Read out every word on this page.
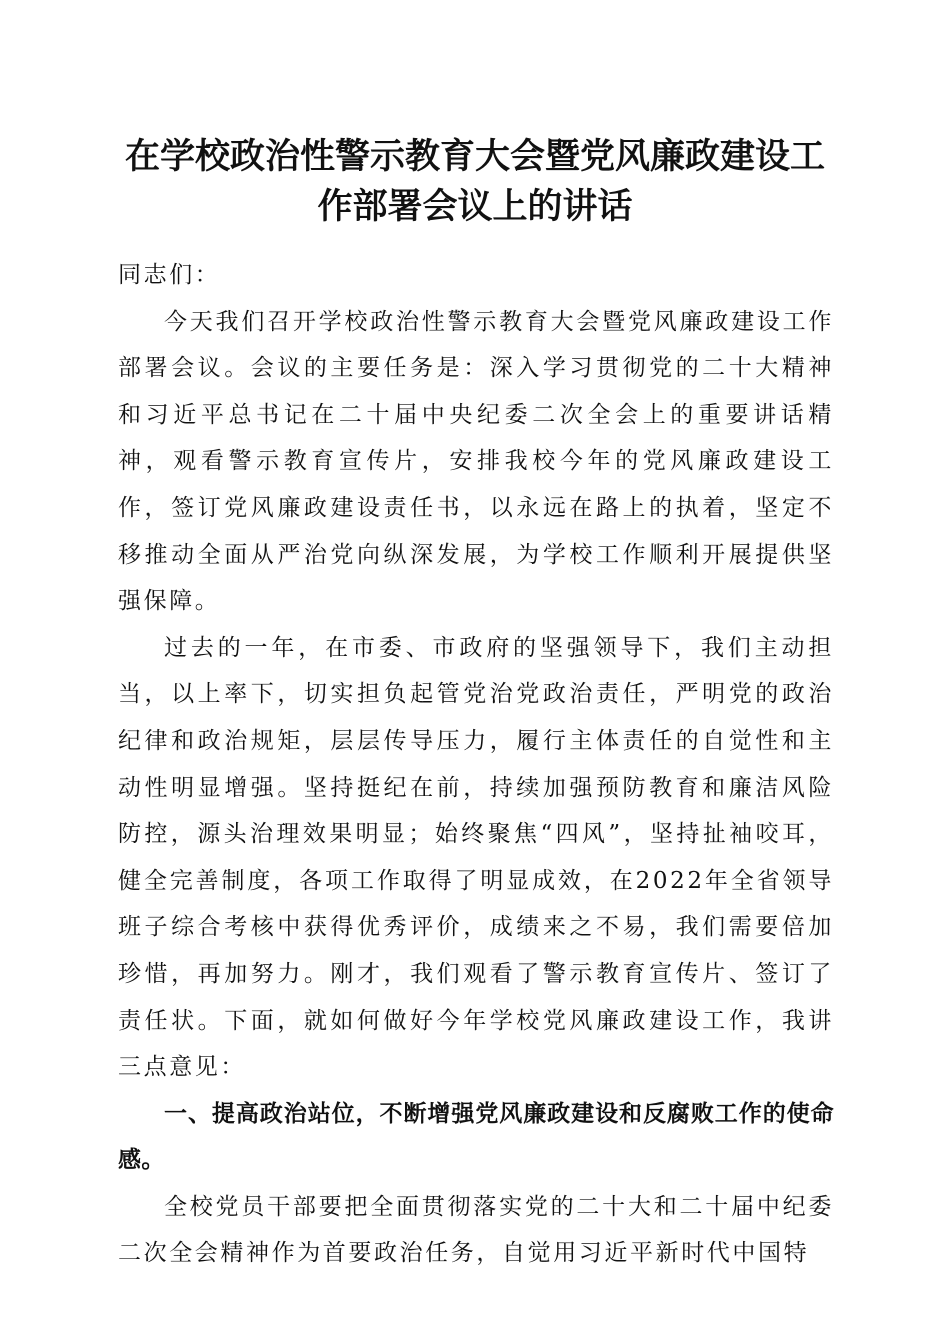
在学校政治性警示教育大会暨党风廉政建设工
作部署会议上的讲话

同志们：

今天我们召开学校政治性警示教育大会暨党风廉政建设工作部署会议。会议的主要任务是：深入学习贯彻党的二十大精神和习近平总书记在二十届中央纪委二次全会上的重要讲话精神，观看警示教育宣传片，安排我校今年的党风廉政建设工作，签订党风廉政建设责任书，以永远在路上的执着，坚定不移推动全面从严治党向纵深发展，为学校工作顺利开展提供坚强保障。

过去的一年，在市委、市政府的坚强领导下，我们主动担当，以上率下，切实担负起管党治党政治责任，严明党的政治纪律和政治规矩，层层传导压力，履行主体责任的自觉性和主动性明显增强。坚持挺纪在前，持续加强预防教育和廉洁风险防控，源头治理效果明显；始终聚焦“四风”，坚持扯袖咬耳，健全完善制度，各项工作取得了明显成效，在2022年全省领导班子综合考核中获得优秀评价，成绩来之不易，我们需要倍加珍惜，再加努力。刚才，我们观看了警示教育宣传片、签订了责任状。下面，就如何做好今年学校党风廉政建设工作，我讲三点意见：

一、提高政治站位，不断增强党风廉政建设和反腐败工作的使命感。

全校党员干部要把全面贯彻落实党的二十大和二十届中纪委二次全会精神作为首要政治任务，自觉用习近平新时代中国特
